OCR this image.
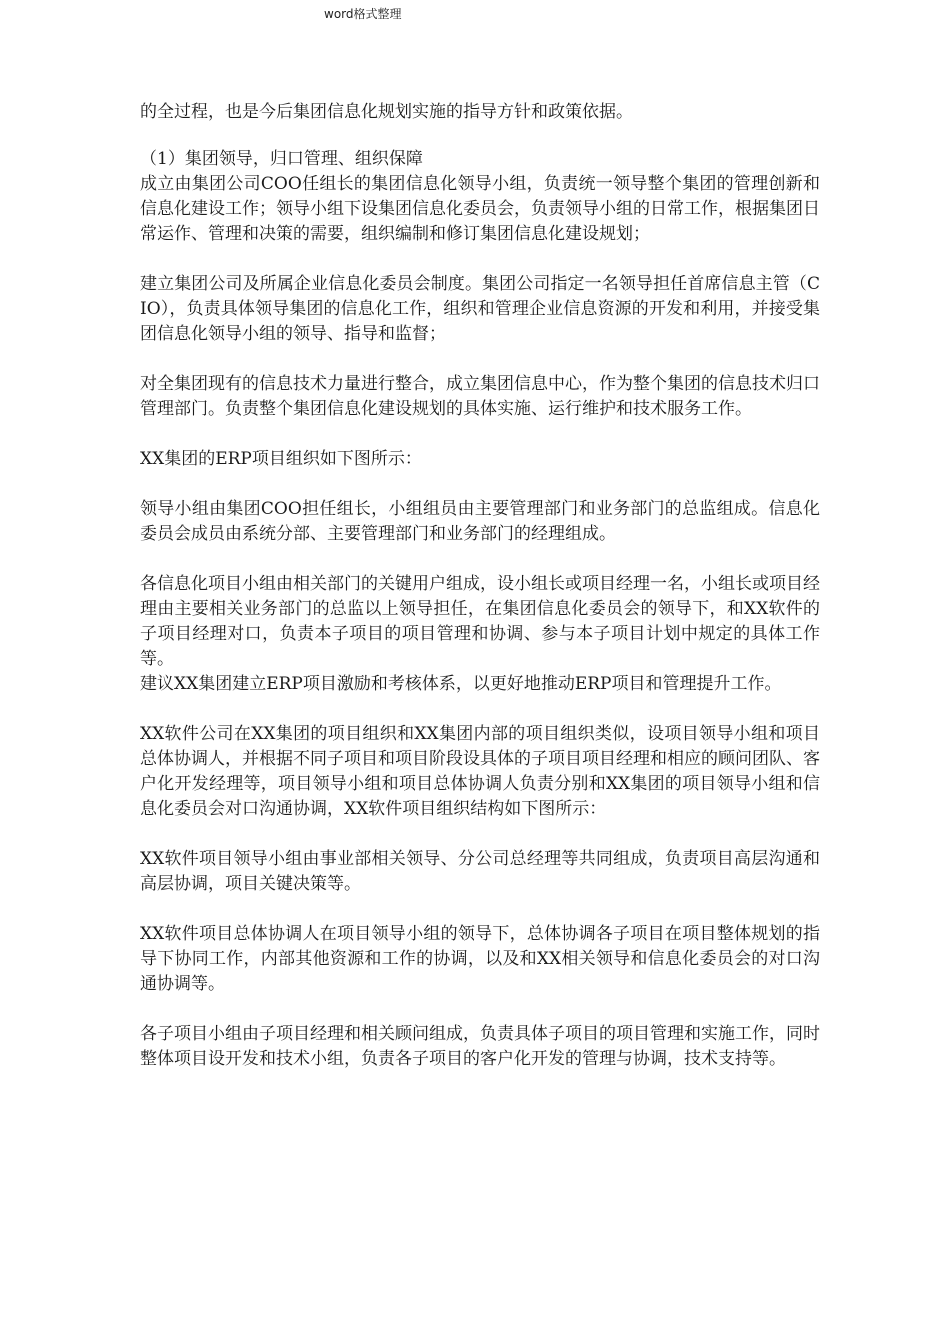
word格式整理

的全过程，也是今后集团信息化规划实施的指导方针和政策依据。

（1）集团领导，归口管理、组织保障

成立由集团公司COO任组长的集团信息化领导小组，负责统一领导整个集团的管理创新和信息化建设工作；领导小组下设集团信息化委员会，负责领导小组的日常工作，根据集团日常运作、管理和决策的需要，组织编制和修订集团信息化建设规划；

建立集团公司及所属企业信息化委员会制度。集团公司指定一名领导担任首席信息主管（CIO），负责具体领导集团的信息化工作，组织和管理企业信息资源的开发和利用，并接受集团信息化领导小组的领导、指导和监督；

对全集团现有的信息技术力量进行整合，成立集团信息中心，作为整个集团的信息技术归口管理部门。负责整个集团信息化建设规划的具体实施、运行维护和技术服务工作。

XX集团的ERP项目组织如下图所示：

领导小组由集团COO担任组长，小组组员由主要管理部门和业务部门的总监组成。信息化委员会成员由系统分部、主要管理部门和业务部门的经理组成。

各信息化项目小组由相关部门的关键用户组成，设小组长或项目经理一名，小组长或项目经理由主要相关业务部门的总监以上领导担任，在集团信息化委员会的领导下，和XX软件的子项目经理对口，负责本子项目的项目管理和协调、参与本子项目计划中规定的具体工作等。

建议XX集团建立ERP项目激励和考核体系，以更好地推动ERP项目和管理提升工作。

XX软件公司在XX集团的项目组织和XX集团内部的项目组织类似，设项目领导小组和项目总体协调人，并根据不同子项目和项目阶段设具体的子项目项目经理和相应的顾问团队、客户化开发经理等，项目领导小组和项目总体协调人负责分别和XX集团的项目领导小组和信息化委员会对口沟通协调，XX软件项目组织结构如下图所示：

XX软件项目领导小组由事业部相关领导、分公司总经理等共同组成，负责项目高层沟通和高层协调，项目关键决策等。

XX软件项目总体协调人在项目领导小组的领导下，总体协调各子项目在项目整体规划的指导下协同工作，内部其他资源和工作的协调，以及和XX相关领导和信息化委员会的对口沟通协调等。

各子项目小组由子项目经理和相关顾问组成，负责具体子项目的项目管理和实施工作，同时整体项目设开发和技术小组，负责各子项目的客户化开发的管理与协调，技术支持等。
